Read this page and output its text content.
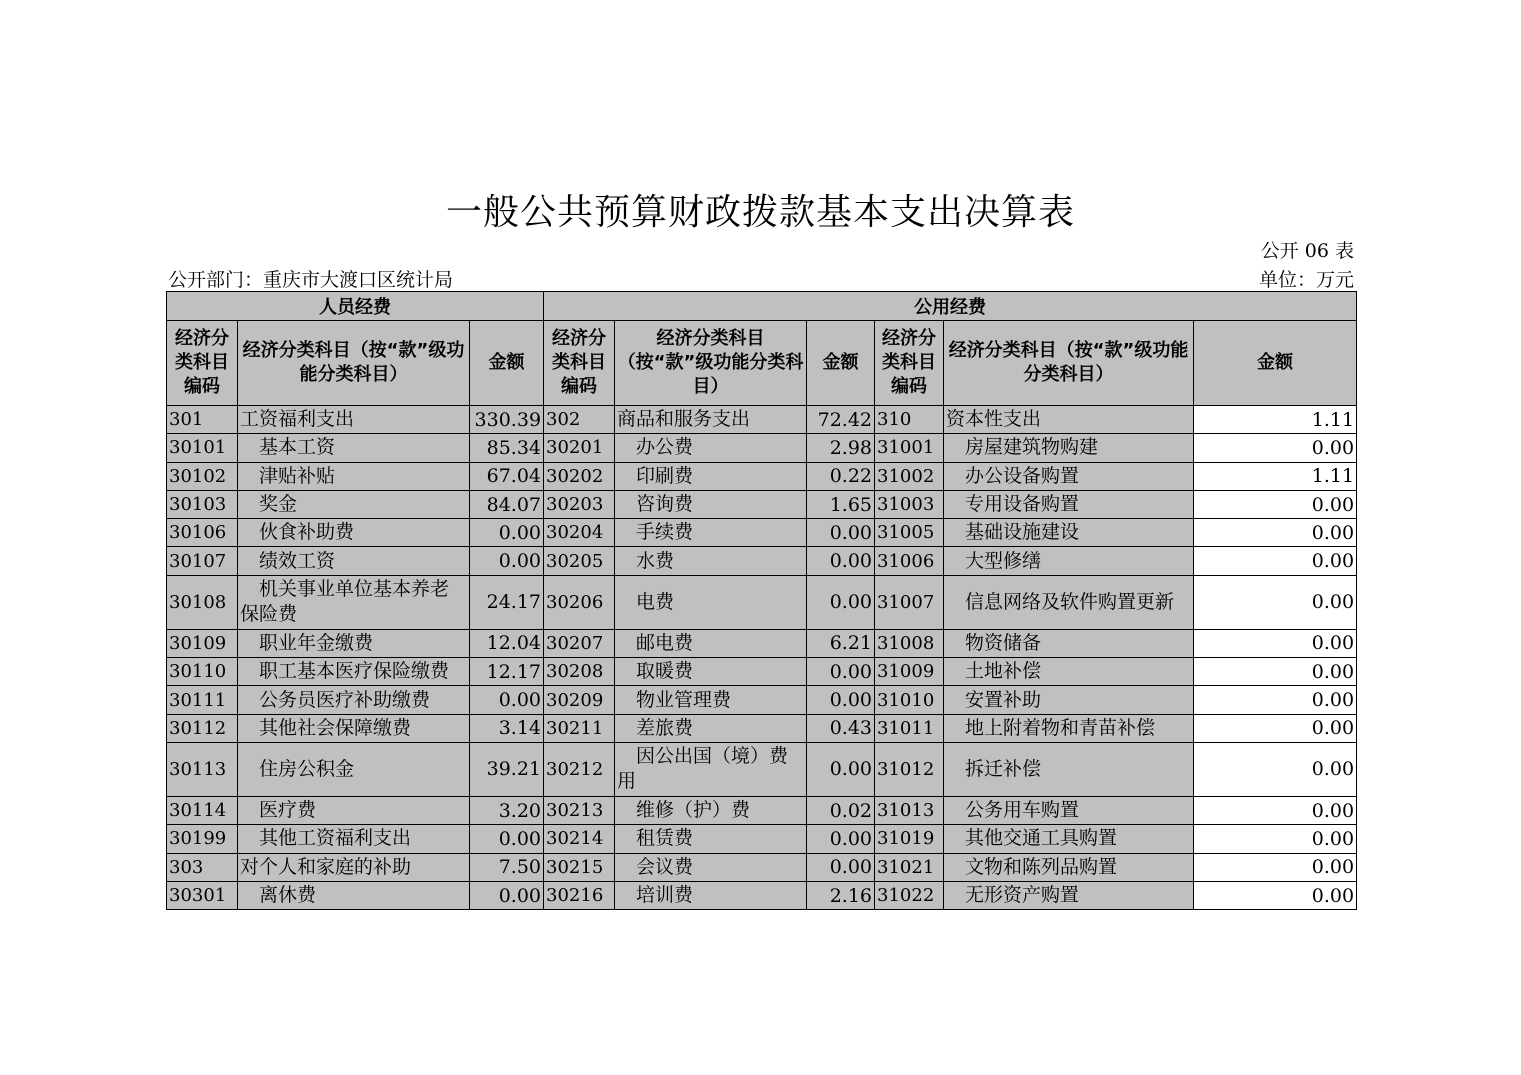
一般公共预算财政拨款基本支出决算表
公开 06 表
公开部门：重庆市大渡口区统计局	单位：万元
人员经费			公用经费					
经济分类科目编码	经济分类科目（按“款”级功能分类科目）	金额	经济分类科目编码	经济分类科目（按“款”级功能分类科目）	金额	经济分类科目编码	经济分类科目（按“款”级功能分类科目）	金额
301	工资福利支出	330.39	302	商品和服务支出	72.42	310	资本性支出	1.11
30101	　基本工资	85.34	30201	　办公费	2.98	31001	　房屋建筑物购建	0.00
30102	　津贴补贴	67.04	30202	　印刷费	0.22	31002	　办公设备购置	1.11
30103	　奖金	84.07	30203	　咨询费	1.65	31003	　专用设备购置	0.00
30106	　伙食补助费	0.00	30204	　手续费	0.00	31005	　基础设施建设	0.00
30107	　绩效工资	0.00	30205	　水费	0.00	31006	　大型修缮	0.00
30108	　机关事业单位基本养老保险费	24.17	30206	　电费	0.00	31007	　信息网络及软件购置更新	0.00
30109	　职业年金缴费	12.04	30207	　邮电费	6.21	31008	　物资储备	0.00
30110	　职工基本医疗保险缴费	12.17	30208	　取暖费	0.00	31009	　土地补偿	0.00
30111	　公务员医疗补助缴费	0.00	30209	　物业管理费	0.00	31010	　安置补助	0.00
30112	　其他社会保障缴费	3.14	30211	　差旅费	0.43	31011	　地上附着物和青苗补偿	0.00
30113	　住房公积金	39.21	30212	　因公出国（境）费用	0.00	31012	　拆迁补偿	0.00
30114	　医疗费	3.20	30213	　维修（护）费	0.02	31013	　公务用车购置	0.00
30199	　其他工资福利支出	0.00	30214	　租赁费	0.00	31019	　其他交通工具购置	0.00
303	对个人和家庭的补助	7.50	30215	　会议费	0.00	31021	　文物和陈列品购置	0.00
30301	　离休费	0.00	30216	　培训费	2.16	31022	　无形资产购置	0.00
